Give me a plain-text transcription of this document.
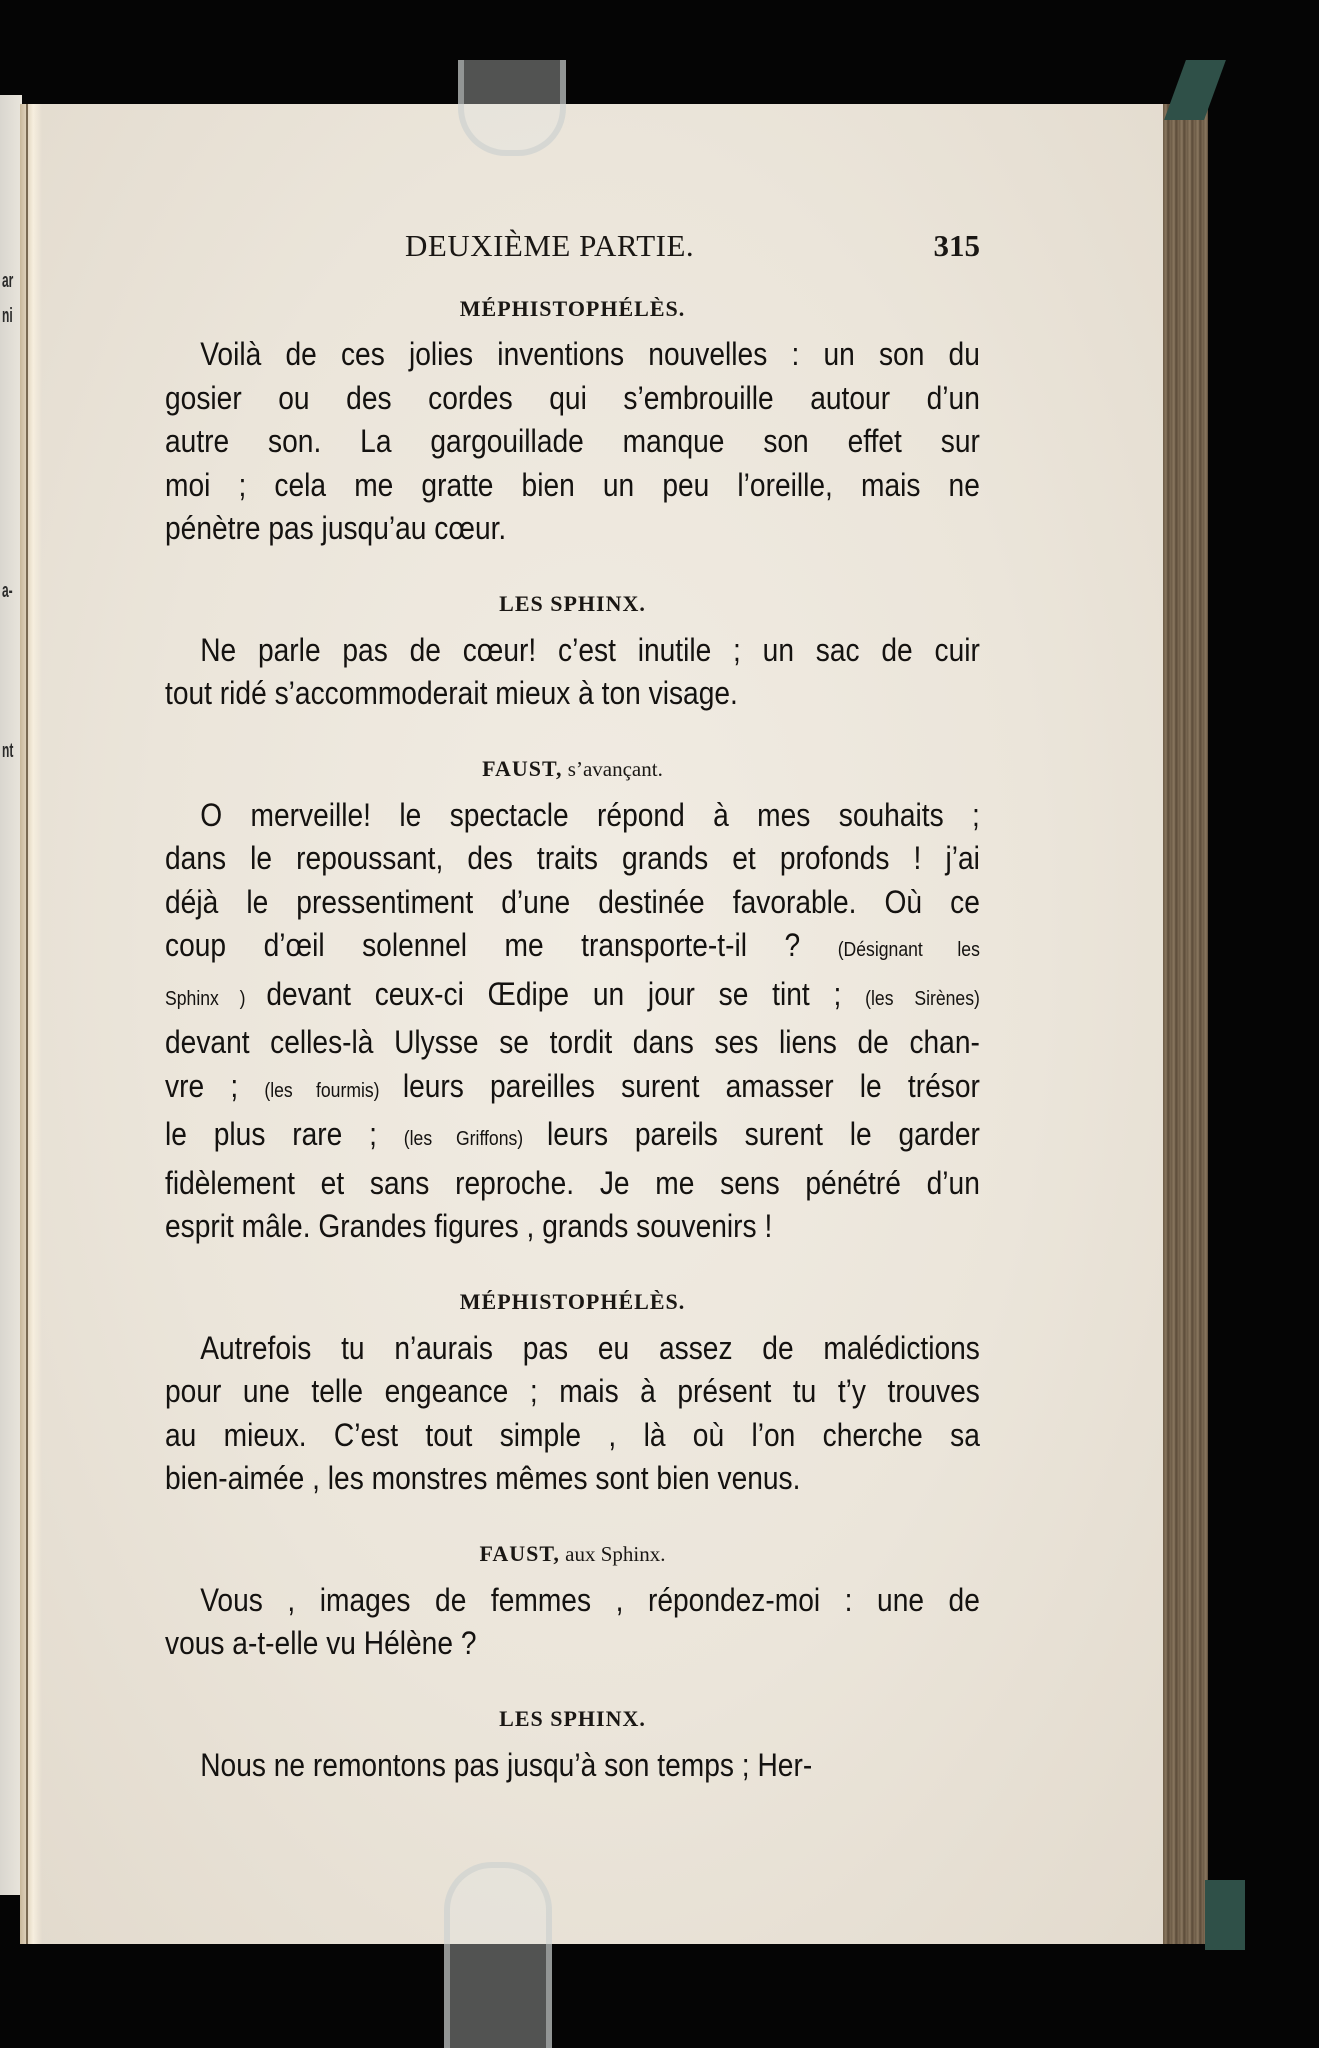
ar
ni
a-
nt
DEUXIÈME PARTIE.	315

MÉPHISTOPHÉLÈS.

Voilà de ces jolies inventions nouvelles : un son du
gosier ou des cordes qui s’embrouille autour d’un
autre son. La gargouillade manque son effet sur
moi ; cela me gratte bien un peu l’oreille, mais ne
pénètre pas jusqu’au cœur.

LES SPHINX.

Ne parle pas de cœur! c’est inutile ; un sac de cuir
tout ridé s’accommoderait mieux à ton visage.

FAUST, s’avançant.

O merveille! le spectacle répond à mes souhaits ;
dans le repoussant, des traits grands et profonds ! j’ai
déjà le pressentiment d’une destinée favorable. Où ce
coup d’œil solennel me transporte-t-il ? (Désignant les
Sphinx ) devant ceux-ci Œdipe un jour se tint ; (les Sirènes)
devant celles-là Ulysse se tordit dans ses liens de chan-
vre ; (les fourmis) leurs pareilles surent amasser le trésor
le plus rare ; (les Griffons) leurs pareils surent le garder
fidèlement et sans reproche. Je me sens pénétré d’un
esprit mâle. Grandes figures , grands souvenirs !

MÉPHISTOPHÉLÈS.

Autrefois tu n’aurais pas eu assez de malédictions
pour une telle engeance ; mais à présent tu t’y trouves
au mieux. C’est tout simple , là où l’on cherche sa
bien-aimée , les monstres mêmes sont bien venus.

FAUST, aux Sphinx.

Vous , images de femmes , répondez-moi : une de
vous a-t-elle vu Hélène ?

LES SPHINX.

Nous ne remontons pas jusqu’à son temps ; Her-
